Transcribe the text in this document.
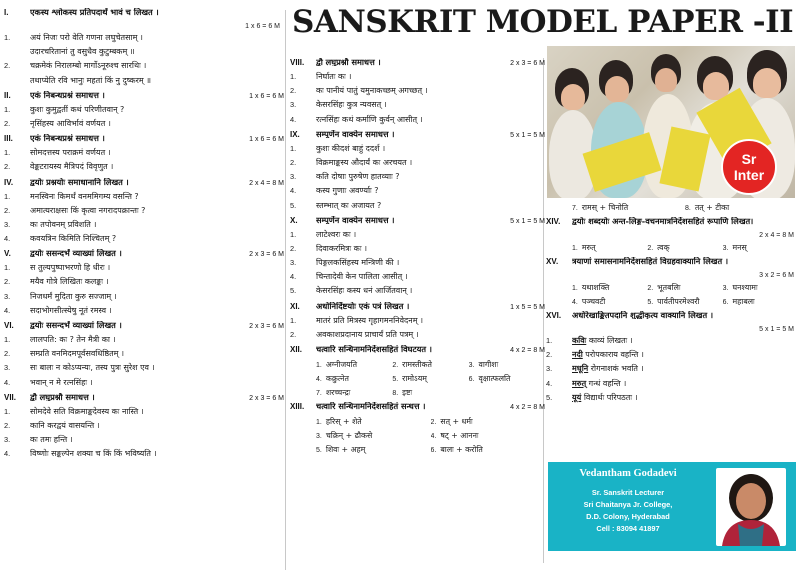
SANSKRIT MODEL PAPER -II
Sr
Inter
I.	एकस्य श्लोकस्य प्रतिपदार्थं भावं च लिखत ।
1 x 6 = 6 M
1.	अयं निजः परो वेति गणना लघुचेतसाम् ।
उदारचरितानां तु वसुधैव कुटुम्बकम् ॥
2.	चक्रमेकं निरालम्बो मार्गोऽनूरुश्च सारथिः ।
तथाप्येति रवि भानुः महतां किं नु दुष्करम् ॥
II.	एकं निबन्धप्रश्नं समाधत्त ।	1 x 6 = 6 M
1.	कुशः कुमुद्वतीं कथं परिणीतवान् ?
2.	नृसिंहस्य आविर्भावं वर्णयत ।
III.	एकं निबन्धप्रश्नं समाधत्त ।	1 x 6 = 6 M
1.	सोमदत्तस्य पराक्रमं वर्णयत ।
2.	वेङ्कटरायस्य मैत्रिपदं विवृणुत ।
IV.	द्वयोः प्रश्नयोः समाधानानि लिखत ।	2 x 4 = 8 M
1.	मनस्विनः किमर्थं वनममिगम्य वसन्ति ?
2.	अमात्यराक्षसः किं कृत्वा नगरादपक्रान्तः ?
3.	कः तपोवनम् प्रविशति ।
4.	कवयत्रिन किमिति निश्चितम् ?
V.	द्वयोः ससन्दर्भं व्याख्यां लिखत ।	2 x 3 = 6 M
1.	स तुल्यपुष्पाभरणो हि धीरः ।
2.	मयैव गोत्रे लिखितः कलङ्कः ।
3.	निजधर्मं मुदिता कुरु सज्जाम् ।
4.	सदाभोगसीत्स्येषु नूतं रमस्व ।
VI.	द्वयोः ससन्दर्भं व्याख्यां लिखत ।	2 x 3 = 6 M
1.	लालपति: कः ? तेन मैत्री का ।
2.	सम्प्रति वनमिदमपूर्वसवधिष्ठितम् ।
3.	सः बालः न कोऽप्यन्यः, तस्य पुत्रः सुरेश एव ।
4.	भवान् न मे रत्नसिंहः ।
VII.	द्वौ लघुप्रश्नौ समाधत्त ।	2 x 3 = 6 M
1.	सोमदेवे सति विक्रमाङ्कदेवस्य कः नास्ति ।
2.	कानि करद्वयं वासयन्ति ।
3.	कः तमः हन्ति ।
4.	विष्णोः सङ्कल्पेन शक्या च किं किं भविष्यति ।
VIII.	द्वौ लघुप्रश्नौ समाधत्त ।	2 x 3 = 6 M
1.	निर्घातः कः ।
2.	कः पानीयं पातुं यमुनाकच्छम् अगच्छत् ।
3.	केसरसिंहः कुत्र न्यवसत् ।
4.	रत्नसिंहः कथं कर्माणि कुर्वन् आसीत् ।
IX.	सम्पूर्णेन वाक्येन समाधत्त ।	5 x 1 = 5 M
1.	कुशः कीदशं बाहुं ददर्श ।
2.	विक्रमाङ्कस्य औदार्यं कः अरचयत ।
3.	कति दोषाः पुरुषेण हातव्याः ?
4.	कस्य गुणाः अवर्ण्याः ?
5.	स्तम्भात् कः अजायत ?
X.	सम्पूर्णेन वाक्येन समाधत्त ।	5 x 1 = 5 M
1.	लाटेश्वरः कः ।
2.	दिवाकरमित्रः कः ।
3.	पिङ्गलकसिंहस्य मन्त्रिणी की ।
4.	चिन्तादेवी केन पालिता आसीत् ।
5.	केसरसिंहः कस्य धनं आर्जितवान् ।
XI.	अधोनिर्दिष्टयोः एकं पत्रं लिखत ।	1 x 5 = 5 M
1.	मातरं प्रति मित्रस्य गृहागमननिवेदनम् ।
2.	अवकाशप्रदानाय प्राचार्यं प्रति पत्रम् ।
XII.	चत्वारि सन्धिनामनिर्देशसहितं विघटयत ।	4 x 2 = 8 M
1. अग्नीजयति	2. रामस्तीकते	3. वागीशः
4. कक्रुत्नेत	5. रामोऽयम्	6. वृक्षात्फलति
7. शरच्चन्द्रः	8. इष्टः
XIII.	चत्वारि सन्धिनामनिर्देशसहितं सन्धत्त ।	4 x 2 = 8 M
1. हरिस् + शेते	2. सत् + धर्मः
3. चक्रिन् + ढौकसे	4. षट् + आननः
5. शिवः + अहम्	6. बालः + करोति
7. रामस् + चिनोति	8. तत् + टीका
XIV.	द्वयोः शब्दयोः अन्त-लिङ्ग-वचनमात्रनिर्देशसहितं रूपाणि लिखत।
2 x 4 = 8 M
1. मरुत्	2. त्वक्	3. मनस्
XV.	त्रयाणां समासनामनिर्देशसहितं विग्रहवाक्यानि लिखत ।
3 x 2 = 6 M
1. यथाशक्ति	2. भूतबलिः	3. घनश्यामः
4. पञ्चवटी	5. पार्वतीपरमेश्वरौ	6. महाबलः
XVI.	अधोरेखाङ्कितपदानि शुद्धीकृत्य वाक्यानि लिखत ।
5 x 1 = 5 M
1.	कविः काव्यं लिखतः ।
2.	नदी परोपकाराय वहन्ति ।
3.	मधूनि रोगनाशकं भवति ।
4.	मरुत् गन्धं वहन्ति ।
5.	यूयं विद्यार्थः परिपठतः ।
Vedantham Godadevi
Sr. Sanskrit Lecturer
Sri Chaitanya Jr. College,
D.D. Colony, Hyderabad
Cell : 83094 41897
